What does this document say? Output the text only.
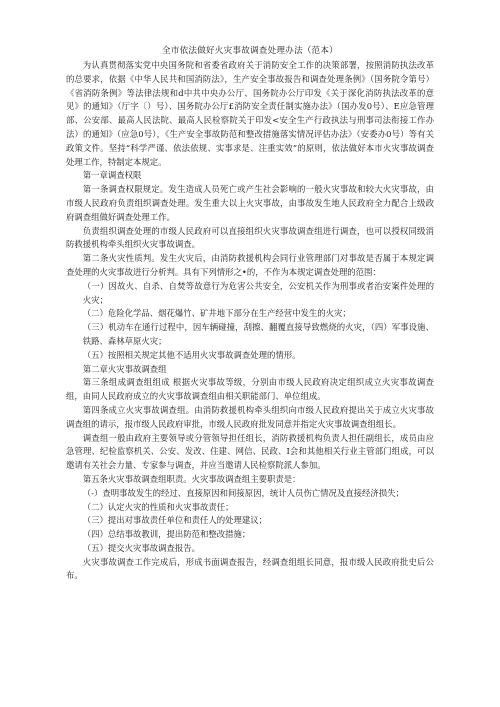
全市依法做好火灾事故调查处理办法（范本）

为认真贯彻落实党中央国务院和省委省政府关于消防安全工作的决策部署，按照消防执法改革的总要求，依据《中华人民共和国消防法》，生产安全事故报告和调查处理条例》（国务院令第号）《省消防条例》等法律法规和d中共中央办公厅、国务院办公厅印发《关于深化消防执法改革的意见》的通知》（厅字〔）号）、国务院办公厅£消防安全责任制实施办法》（国办发0号）、E应急管理部、公安部、最高人民法院、最高人民检察院关于印发<安全生产行政执法与刑事司法衔接工作办法）的通知》（应急0号），《生产安全事故防范和整改措施落实情况评估办法》（安委办0号）等有关政策文件。坚持“科学严谨、依法依规、实事求是、注重实效”的原则，依法做好本市火灾事故调查处理工作，特制定本规定。

第一章调查权限

第一条调查权限规定。发生造成人员死亡或产生社会影响的一般火灾事故和较大火灾事故，由市级人民政府负责组织调查处理。发生重大以上火灾事故，由事故发生地人民政府全力配合上级政府调查组做好调查处理工作。

负责组织调查处理的市级人民政府可以直接组织火灾事故调查组进行调查，也可以授权同级消防救援机构牵头组织火灾事故调查。

第二条火灾性质判。发生火灾后，由消防救援机构会同行业管理部门对事故是否属于本规定调查处理的火灾事故进行分析判。具有下列情形之•的，不作为本规定调查处理的范围：

（一）因故火、自杀、自焚等故意行为危害公共安全，公安机关作为刑事或者治安案件处理的火灾；

（二）危险化学品、烟花爆竹、矿井地下部分在生产经营中发生的火灾；

（三）机动车在通行过程中，因车辆碰撞，刮擦、翻覆直接导致燃烧的火灾，（四）军事设施、铁路、森林草原火灾；

（五）按照相关规定其他不适用火灾事故调查处理的情形。

第二章火灾事故调查组

第三条组成调查组组成 根据火灾事故等级，分别由市级人民政府决定组织成立火灾事故调查组，由同人民政府成立的火灾事故调查组由相关职能部门、单位组成。

第四条成立火灾事故调查组。由消防救援机构牵头组织向市级人民政府提出关于成立火灾事故调查组的请示，报市级人民政府审批，市级人民政府批发同意并指定火灾事故调查组组长。

调查组一般由政府主要领导或分管领导担任组长，消防救援机构负责人担任副组长，成员由应急管理、纪检监察机关、公安、发改、住建、网信、民政、I会和其他相关行业主管部门组成，可以邀请有关社会力量、专家参与调查，并应当邀请人民检察院派人参加。

第五条火灾事故调查组职责。火灾事故调查组主要职责是：

（-）查明事故发生的经过、直接原因和间接原因，统计人员伤亡情况及直接经济损失；

（二）认定火灾的性质和火灾事故责任；

（三）提出对事故责任单位和责任人的处理建议；

（四）总结事故教训，提出防范和整改措施；

（五）提交火灾事故调查报告。

火灾事故调查工作完成后，形成书面调查报告，经调查组组长同意，报市级人民政府批史后公布。
